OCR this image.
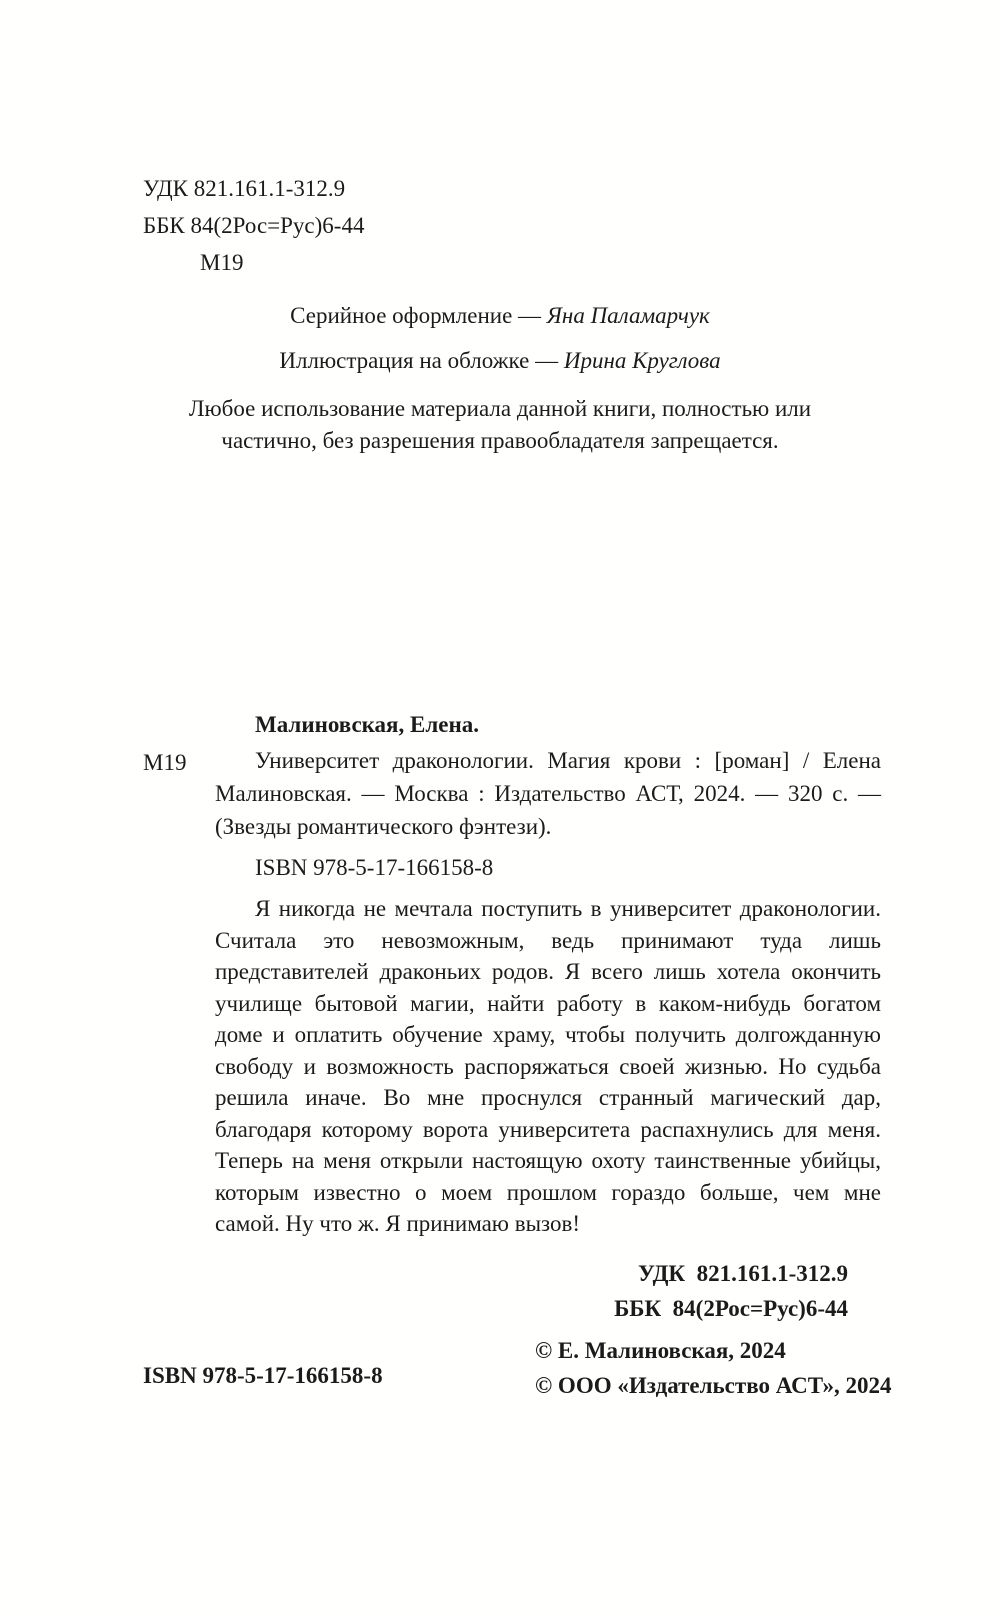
УДК 821.161.1-312.9
ББК 84(2Рос=Рус)6-44
М19

Серийное оформление — Яна Паламарчук

Иллюстрация на обложке — Ирина Круглова

Любое использование материала данной книги, полностью или частично, без разрешения правообладателя запрещается.

Малиновская, Елена.

М19	Университет драконологии. Магия крови : [роман] / Елена Малиновская. — Москва : Издательство АСТ, 2024. — 320 с. — (Звезды романтического фэнтези).

ISBN 978-5-17-166158-8

Я никогда не мечтала поступить в университет драконологии. Считала это невозможным, ведь принимают туда лишь представителей драконьих родов. Я всего лишь хотела окончить училище бытовой магии, найти работу в каком-нибудь богатом доме и оплатить обучение храму, чтобы получить долгожданную свободу и возможность распоряжаться своей жизнью. Но судьба решила иначе. Во мне проснулся странный магический дар, благодаря которому ворота университета распахнулись для меня. Теперь на меня открыли настоящую охоту таинственные убийцы, которым известно о моем прошлом гораздо больше, чем мне самой. Ну что ж. Я принимаю вызов!

УДК  821.161.1-312.9
ББК  84(2Рос=Рус)6-44
ISBN 978-5-17-166158-8
© Е. Малиновская, 2024
© ООО «Издательство АСТ», 2024
